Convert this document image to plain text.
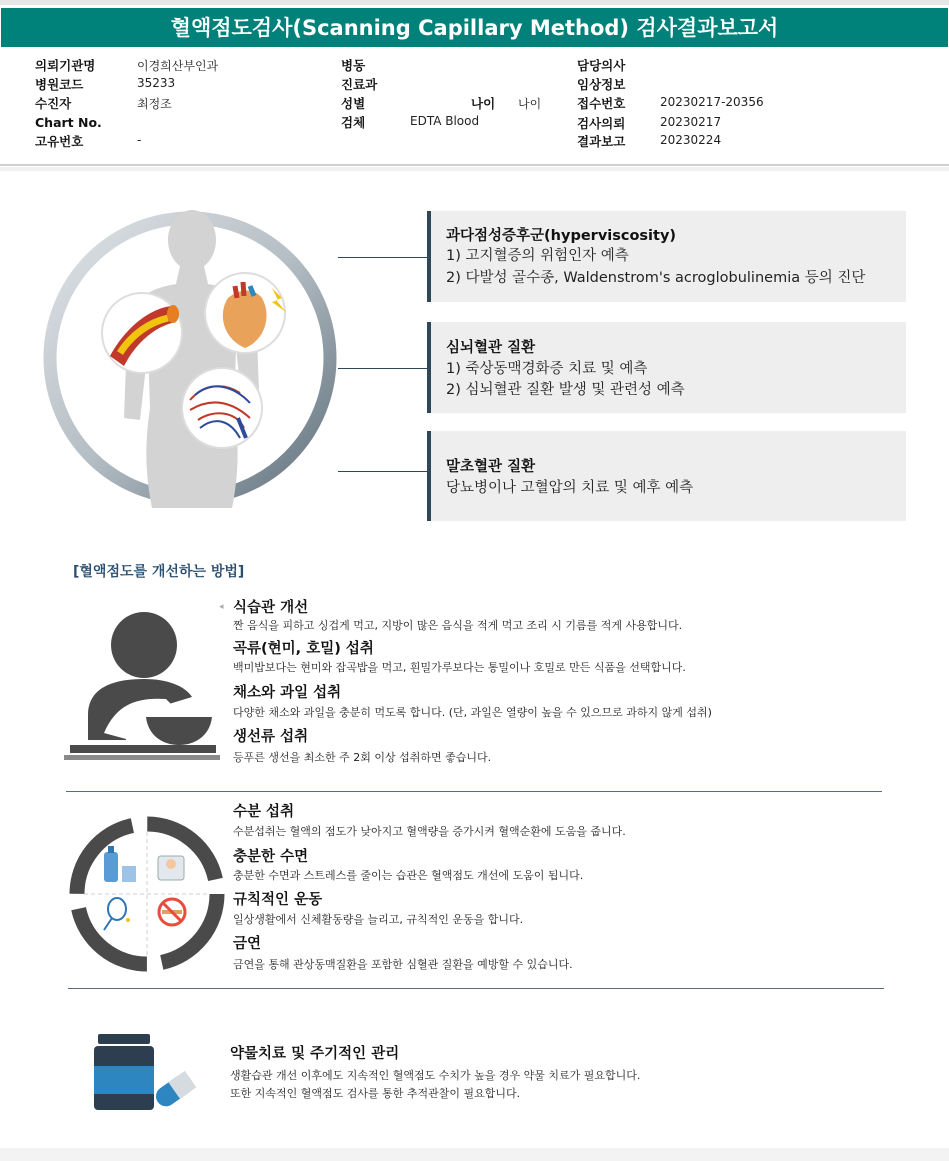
혈액점도검사(Scanning Capillary Method) 검사결과보고서
의뢰기관명	이경희산부인과
병원코드	35233
수진자	최정조
Chart No.
고유번호	-
병동
진료과
성별	나이 나이
검체	EDTA Blood
담당의사
임상정보
접수번호	20230217-20356
검사의뢰	20230217
결과보고	20230224
과다점성증후군(hyperviscosity)
1) 고지혈증의 위험인자 예측
2) 다발성 골수종, Waldenstrom's acroglobulinemia 등의 진단
심뇌혈관 질환
1) 죽상동맥경화증 치료 및 예측
2) 심뇌혈관 질환 발생 및 관련성 예측
말초혈관 질환
당뇨병이나 고혈압의 치료 및 예후 예측
[혈액점도를 개선하는 방법]
◂ 식습관 개선
짠 음식을 피하고 싱겁게 먹고, 지방이 많은 음식을 적게 먹고 조리 시 기름를 적게 사용합니다.
곡류(현미, 호밀) 섭취
백미밥보다는 현미와 잡곡밥을 먹고, 흰밀가루보다는 통밀이나 호밀로 만든 식품을 선택합니다.
채소와 과일 섭취
다양한 채소와 과일을 충분히 먹도록 합니다. (단, 과일은 열량이 높을 수 있으므로 과하지 않게 섭취)
생선류 섭취
등푸른 생선을 최소한 주 2회 이상 섭취하면 좋습니다.
수분 섭취
수분섭취는 혈액의 점도가 낮아지고 혈액량을 증가시켜 혈액순환에 도움을 줍니다.
충분한 수면
충분한 수면과 스트레스를 줄이는 습관은 혈액점도 개선에 도움이 됩니다.
규칙적인 운동
일상생활에서 신체활동량을 늘리고, 규칙적인 운동을 합니다.
금연
금연을 통해 관상동맥질환을 포함한 심혈관 질환을 예방할 수 있습니다.
약물치료 및 주기적인 관리
생활습관 개선 이후에도 지속적인 혈액점도 수치가 높을 경우 약물 치료가 필요합니다.
또한 지속적인 혈액점도 검사를 통한 추적관찰이 필요합니다.
